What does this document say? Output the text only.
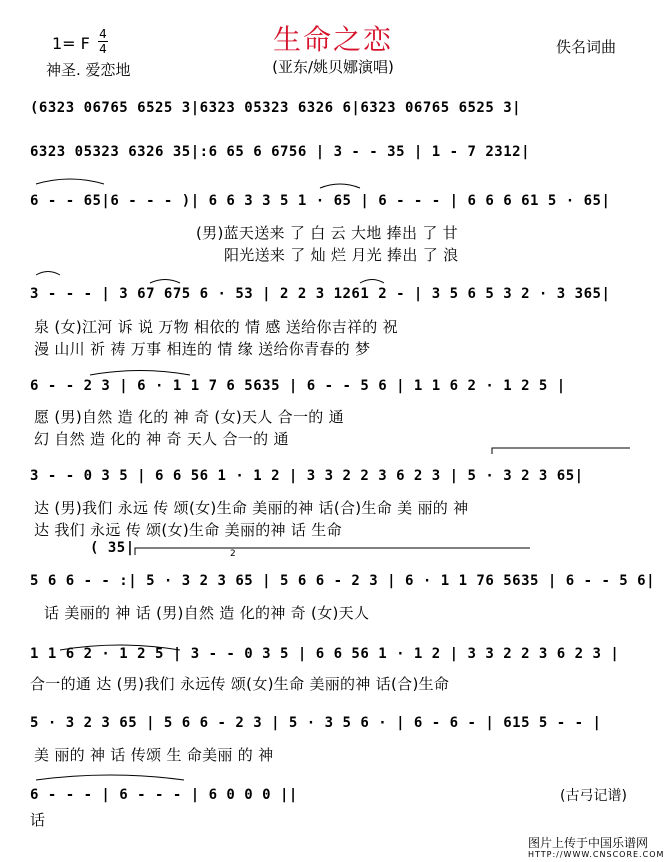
生命之恋
(亚东/姚贝娜演唱)
1= F 4
4
神圣. 爱恋地
佚名词曲
(6323 06765 6525 3|6323 05323 6326 6|6323 06765 6525 3|
6323 05323 6326 35|:6 65 6 6756 | 3 - - 35 | 1 - 7 2312|
6 - - 65|6 - - - )| 6 6 3 3 5 1 · 65 | 6 - - - | 6 6 6 61 5 · 65|
(男)蓝天送来 了 白 云 大地 捧出 了 甘
阳光送来 了 灿 烂 月光 捧出 了 浪
3 - - - | 3 67 675 6 · 53 | 2 2 3 1261 2 - | 3 5 6 5 3 2 · 3 365|
泉 (女)江河 诉 说 万物 相依的 情 感 送给你吉祥的 祝
漫 山川 祈 祷 万事 相连的 情 缘 送给你青春的 梦
6 - - 2 3 | 6 · 1 1 7 6 5635 | 6 - - 5 6 | 1 1 6 2 · 1 2 5 |
愿 (男)自然 造 化的 神 奇 (女)天人 合一的 通
幻 自然 造 化的 神 奇 天人 合一的 通
3 - - 0 3 5 | 6 6 56 1 · 1 2 | 3 3 2 2 3 6 2 3 | 5 · 3 2 3 65|
达 (男)我们 永远 传 颂(女)生命 美丽的神 话(合)生命 美 丽的 神
达 我们 永远 传 颂(女)生命 美丽的神 话 生命
( 35|	2
5 6 6 - - :| 5 · 3 2 3 65 | 5 6 6 - 2 3 | 6 · 1 1 76 5635 | 6 - - 5 6|
话 美丽的 神 话 (男)自然 造 化的神 奇 (女)天人
1 1 6 2 · 1 2 5 | 3 - - 0 3 5 | 6 6 56 1 · 1 2 | 3 3 2 2 3 6 2 3 |
合一的通 达 (男)我们 永远传 颂(女)生命 美丽的神 话(合)生命
5 · 3 2 3 65 | 5 6 6 - 2 3 | 5 · 3 5 6 · | 6 - 6 - | 615 5 - - |
美 丽的 神 话 传颂 生 命美丽 的 神
6 - - - | 6 - - - | 6 0 0 0 ||
话
(古弓记谱)
图片上传于中国乐谱网
HTTP://WWW.CNSCORE.COM
